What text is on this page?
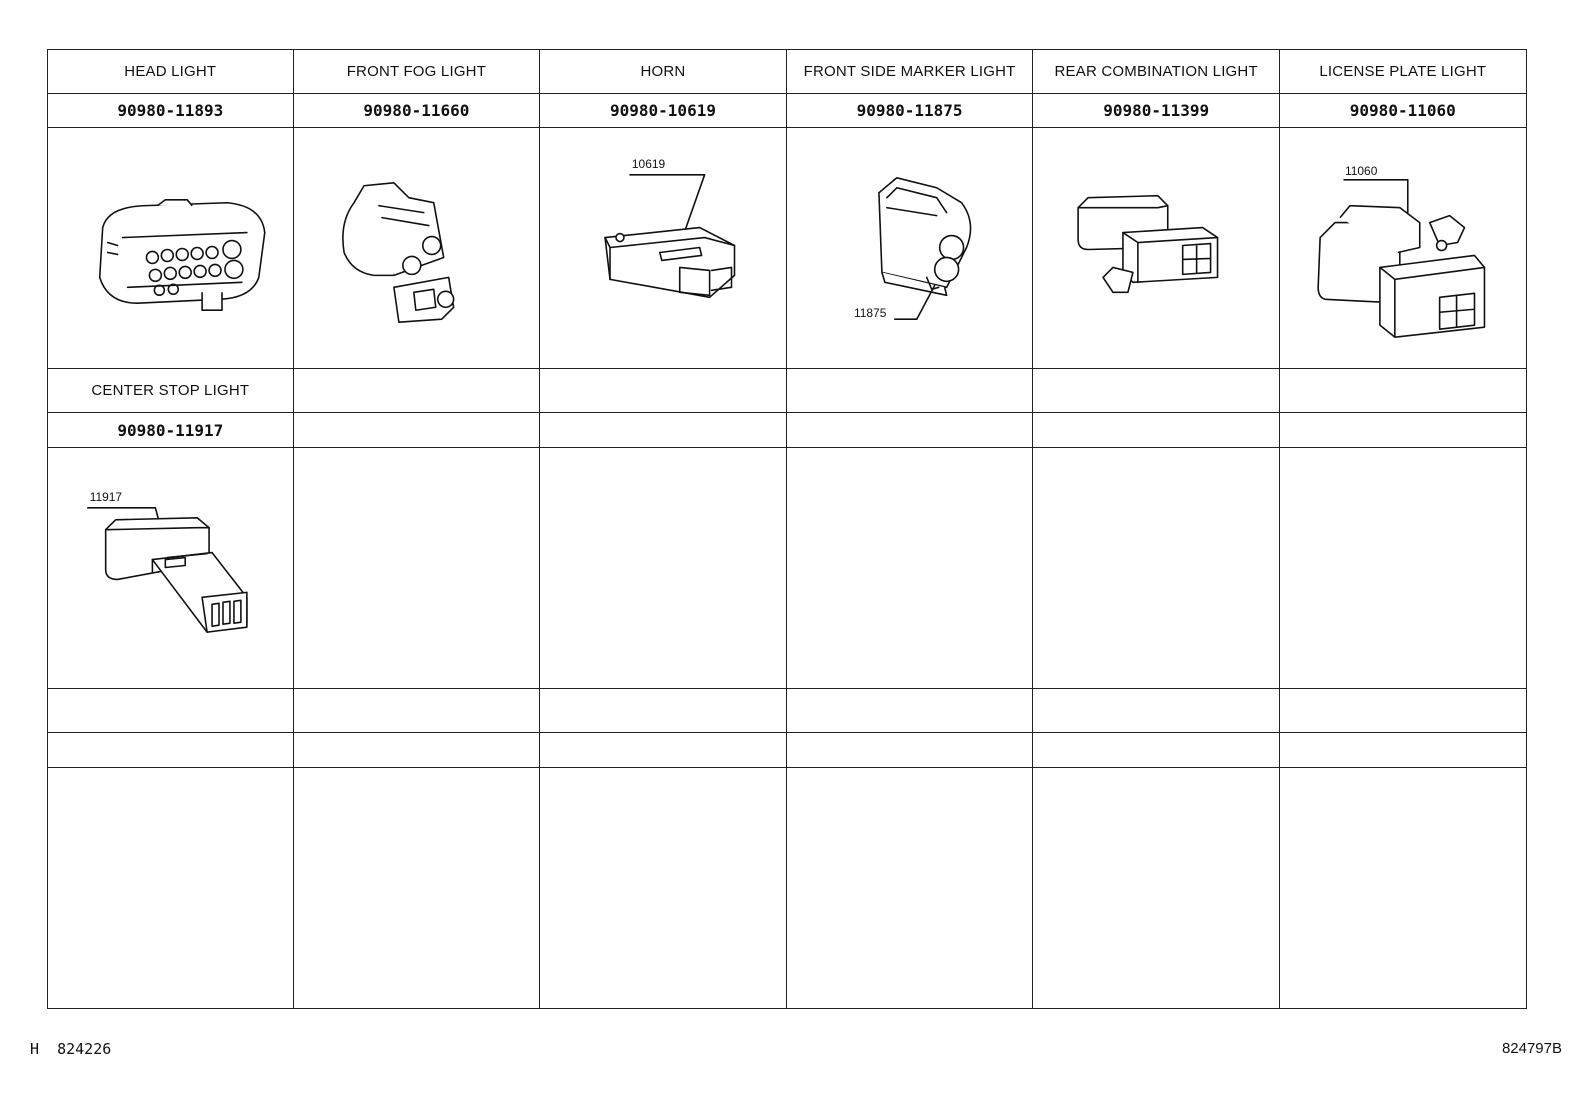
HEAD LIGHT	FRONT FOG LIGHT	HORN	FRONT SIDE MARKER LIGHT	REAR COMBINATION LIGHT	LICENSE PLATE LIGHT
90980-11893	90980-11660	90980-10619	90980-11875	90980-11399	90980-11060
10619
11875
11060
CENTER STOP LIGHT
90980-11917
11917
H 824226	824797B
